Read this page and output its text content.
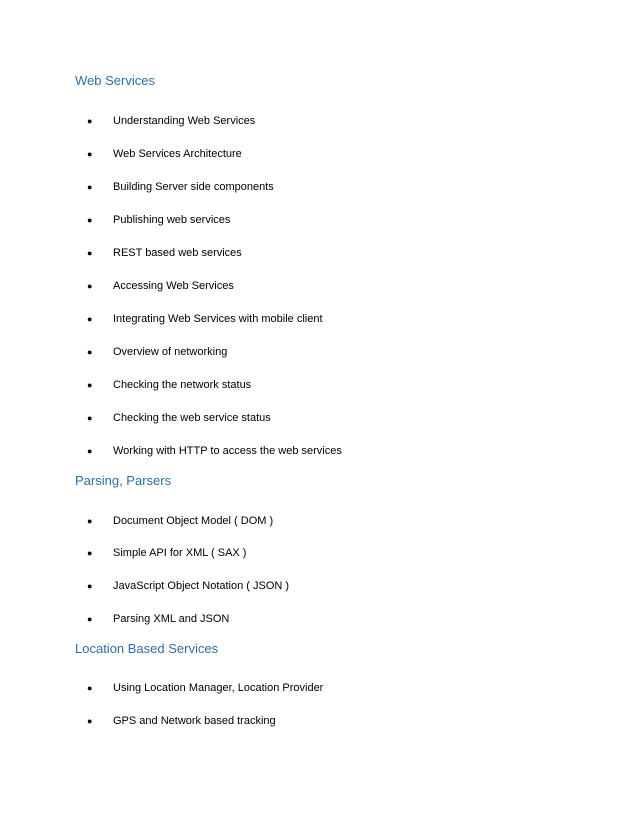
Web Services
●	Understanding Web Services
●	Web Services Architecture
●	Building Server side components
●	Publishing web services
●	REST based web services
●	Accessing Web Services
●	Integrating Web Services with mobile client
●	Overview of networking
●	Checking the network status
●	Checking the web service status
●	Working with HTTP to access the web services
Parsing, Parsers
●	Document Object Model ( DOM )
●	Simple API for XML ( SAX )
●	JavaScript Object Notation ( JSON )
●	Parsing XML and JSON
Location Based Services
●	Using Location Manager, Location Provider
●	GPS and Network based tracking
